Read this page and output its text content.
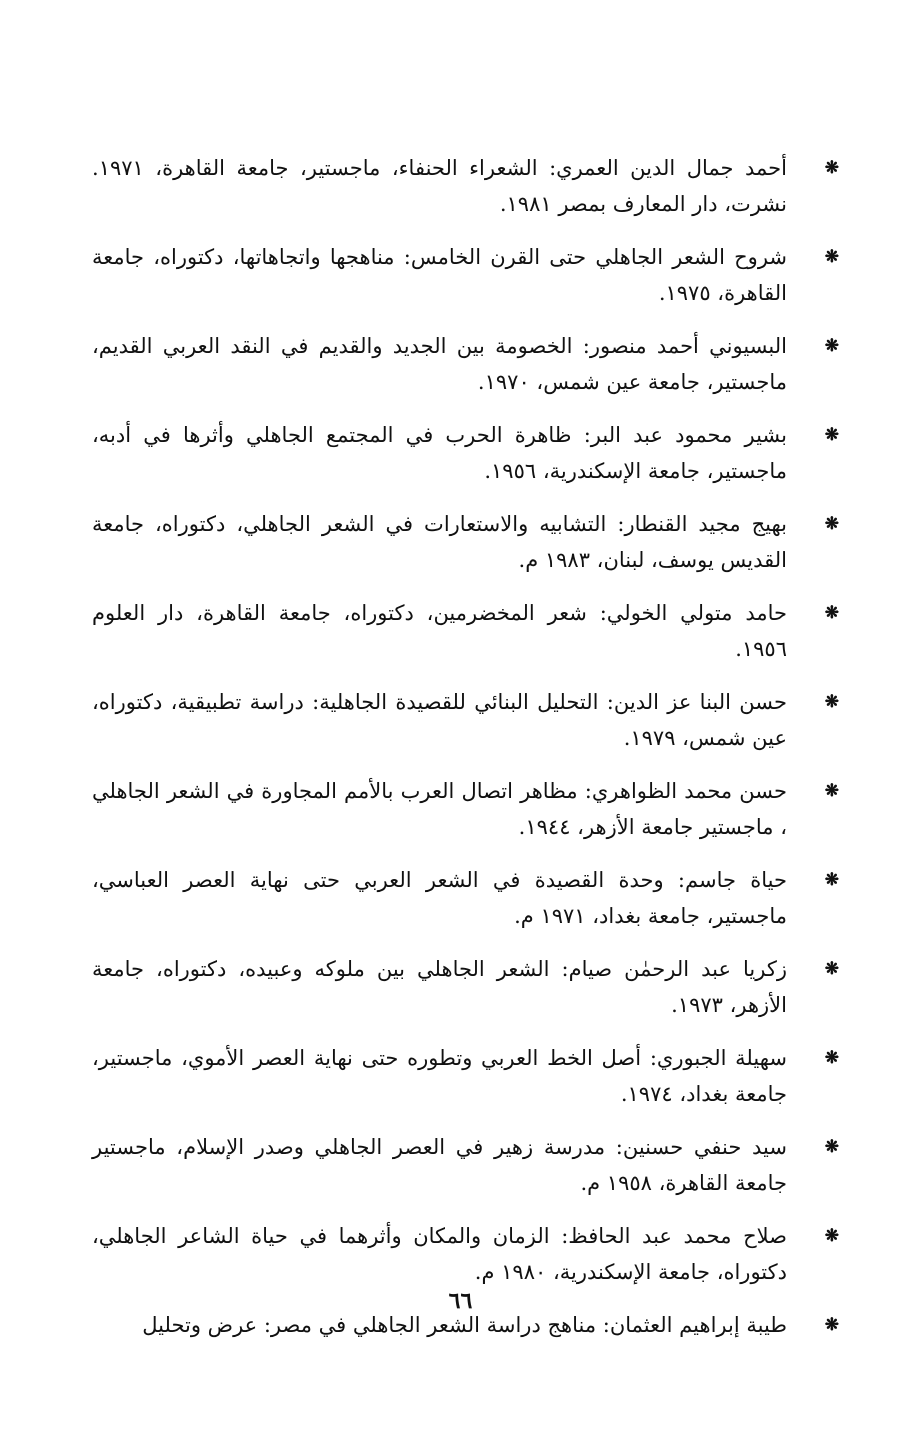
❋
أحمد جمال الدين العمري: الشعراء الحنفاء، ماجستير، جامعة القاهرة، ١٩٧١. نشرت، دار المعارف بمصر ١٩٨١.
❋
شروح الشعر الجاهلي حتى القرن الخامس: مناهجها واتجاهاتها، دكتوراه، جامعة القاهرة، ١٩٧٥.
❋
البسيوني أحمد منصور: الخصومة بين الجديد والقديم في النقد العربي القديم، ماجستير، جامعة عين شمس، ١٩٧٠.
❋
بشير محمود عبد البر: ظاهرة الحرب في المجتمع الجاهلي وأثرها في أدبه، ماجستير، جامعة الإسكندرية، ١٩٥٦.
❋
بهيج مجيد القنطار: التشابيه والاستعارات في الشعر الجاهلي، دكتوراه، جامعة القديس يوسف، لبنان، ١٩٨٣ م.
❋
حامد متولي الخولي: شعر المخضرمين، دكتوراه، جامعة القاهرة، دار العلوم ١٩٥٦.
❋
حسن البنا عز الدين: التحليل البنائي للقصيدة الجاهلية: دراسة تطبيقية، دكتوراه، عين شمس، ١٩٧٩.
❋
حسن محمد الظواهري: مظاهر اتصال العرب بالأمم المجاورة في الشعر الجاهلي ، ماجستير جامعة الأزهر، ١٩٤٤.
❋
حياة جاسم: وحدة القصيدة في الشعر العربي حتى نهاية العصر العباسي، ماجستير، جامعة بغداد، ١٩٧١ م.
❋
زكريا عبد الرحمٰن صيام: الشعر الجاهلي بين ملوكه وعبيده، دكتوراه، جامعة الأزهر، ١٩٧٣.
❋
سهيلة الجبوري: أصل الخط العربي وتطوره حتى نهاية العصر الأموي، ماجستير، جامعة بغداد، ١٩٧٤.
❋
سيد حنفي حسنين: مدرسة زهير في العصر الجاهلي وصدر الإسلام، ماجستير جامعة القاهرة، ١٩٥٨ م.
❋
صلاح محمد عبد الحافظ: الزمان والمكان وأثرهما في حياة الشاعر الجاهلي، دكتوراه، جامعة الإسكندرية، ١٩٨٠ م.
❋
طيبة إبراهيم العثمان: مناهج دراسة الشعر الجاهلي في مصر: عرض وتحليل
٦٦
